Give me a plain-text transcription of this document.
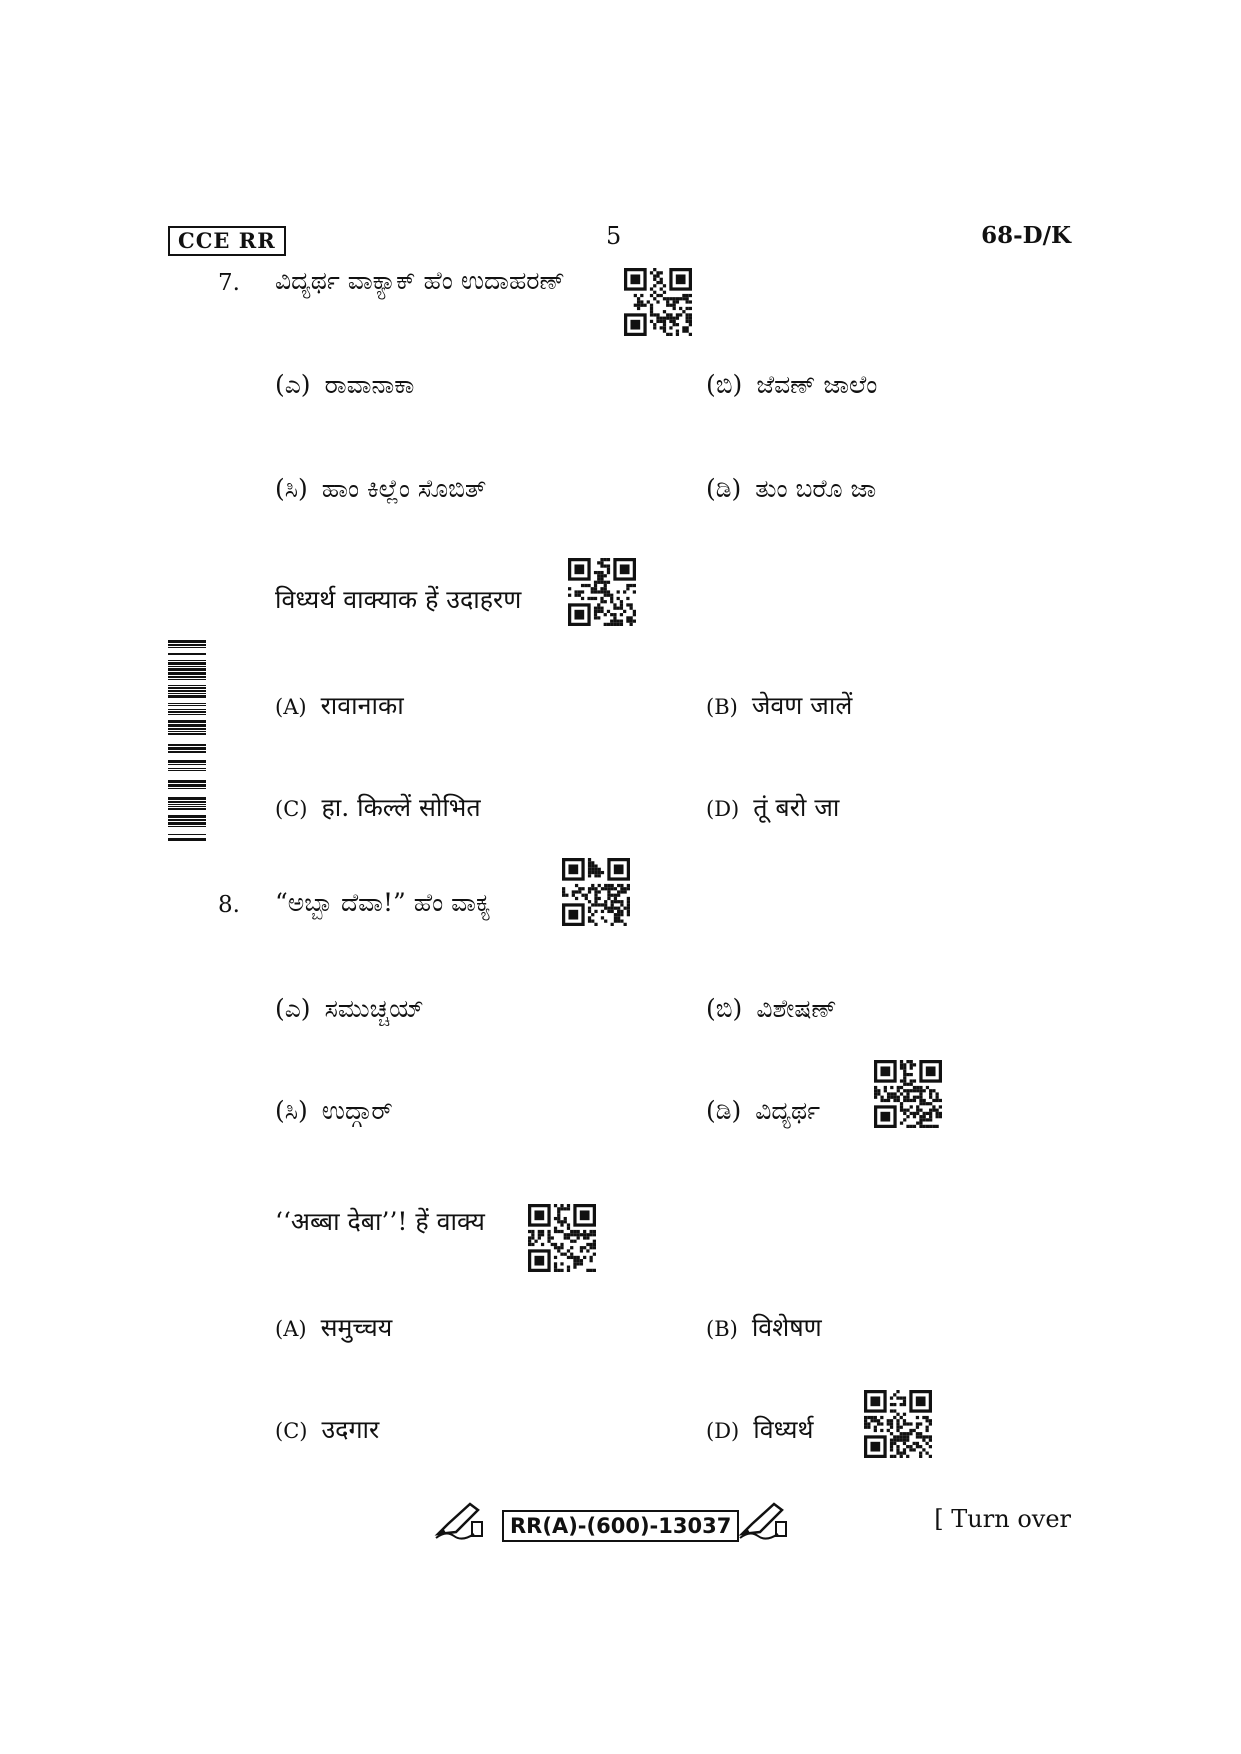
CCE RR	5	68-D/K
7. ವಿದ್ಯರ್ಥ ವಾಕ್ಯಾಕ್ ಹೆಂ ಉದಾಹರಣ್
(ಎ) ರಾವಾನಾಕಾ	(ಬಿ) ಜೆವಣ್ ಜಾಲೆಂ
(ಸಿ) ಹಾಂ ಕಿಲ್ಲೆಂ ಸೊಬಿತ್	(ಡಿ) ತುಂ ಬರೊ ಜಾ
विध्यर्थ वाक्याक हें उदाहरण
(A) रावानाका	(B) जेवण जालें
(C) हा. किल्लें सोभित	(D) तूं बरो जा
8. “ಅಬ್ಬಾ ದೆವಾ!” ಹೆಂ ವಾಕ್ಯ
(ಎ) ಸಮುಚ್ಚಯ್	(ಬಿ) ವಿಶೇಷಣ್
(ಸಿ) ಉದ್ಗಾರ್	(ಡಿ) ವಿದ್ಯರ್ಥ
‘‘अब्बा देबा’’! हें वाक्य
(A) समुच्चय	(B) विशेषण
(C) उदगार	(D) विध्यर्थ
RR(A)-(600)-13037	[ Turn over
